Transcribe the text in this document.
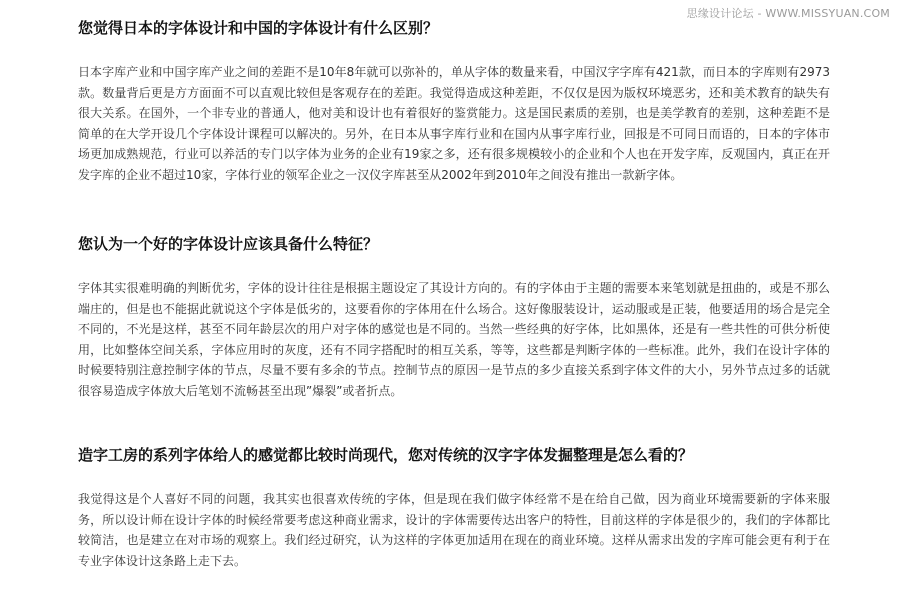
思缘设计论坛 - WWW.MISSYUAN.COM
您觉得日本的字体设计和中国的字体设计有什么区别？

日本字库产业和中国字库产业之间的差距不是10年8年就可以弥补的，单从字体的数量来看，中国汉字字库有421款，而日本的字库则有2973款。数量背后更是方方面面不可以直观比较但是客观存在的差距。我觉得造成这种差距，不仅仅是因为版权环境恶劣，还和美术教育的缺失有很大关系。在国外，一个非专业的普通人，他对美和设计也有着很好的鉴赏能力。这是国民素质的差别，也是美学教育的差别，这种差距不是简单的在大学开设几个字体设计课程可以解决的。另外，在日本从事字库行业和在国内从事字库行业，回报是不可同日而语的，日本的字体市场更加成熟规范，行业可以养活的专门以字体为业务的企业有19家之多，还有很多规模较小的企业和个人也在开发字库，反观国内，真正在开发字库的企业不超过10家，字体行业的领军企业之一汉仪字库甚至从2002年到2010年之间没有推出一款新字体。

您认为一个好的字体设计应该具备什么特征？

字体其实很难明确的判断优劣，字体的设计往往是根据主题设定了其设计方向的。有的字体由于主题的需要本来笔划就是扭曲的，或是不那么端庄的，但是也不能据此就说这个字体是低劣的，这要看你的字体用在什么场合。这好像服装设计，运动服或是正装，他要适用的场合是完全不同的，不光是这样，甚至不同年龄层次的用户对字体的感觉也是不同的。当然一些经典的好字体，比如黑体，还是有一些共性的可供分析使用，比如整体空间关系，字体应用时的灰度，还有不同字搭配时的相互关系，等等，这些都是判断字体的一些标准。此外，我们在设计字体的时候要特别注意控制字体的节点，尽量不要有多余的节点。控制节点的原因一是节点的多少直接关系到字体文件的大小，另外节点过多的话就很容易造成字体放大后笔划不流畅甚至出现”爆裂”或者折点。

造字工房的系列字体给人的感觉都比较时尚现代，您对传统的汉字字体发掘整理是怎么看的？

我觉得这是个人喜好不同的问题，我其实也很喜欢传统的字体，但是现在我们做字体经常不是在给自己做，因为商业环境需要新的字体来服务，所以设计师在设计字体的时候经常要考虑这种商业需求，设计的字体需要传达出客户的特性，目前这样的字体是很少的，我们的字体都比较简洁，也是建立在对市场的观察上。我们经过研究，认为这样的字体更加适用在现在的商业环境。这样从需求出发的字库可能会更有利于在专业字体设计这条路上走下去。
